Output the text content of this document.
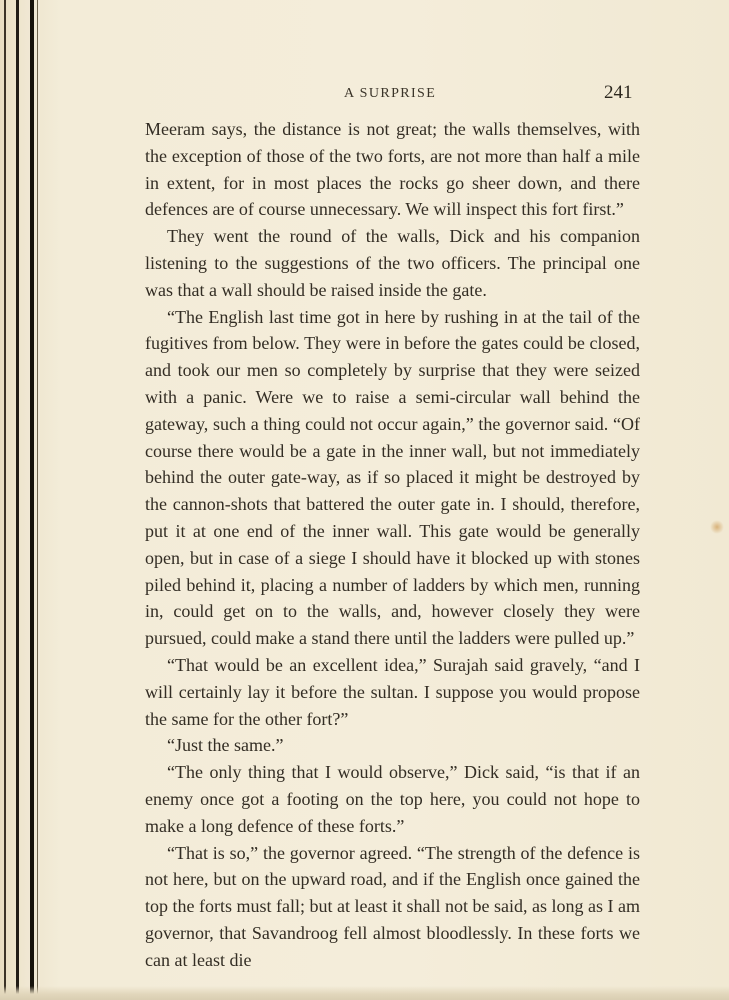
A SURPRISE	241

Meeram says, the distance is not great; the walls themselves, with the exception of those of the two forts, are not more than half a mile in extent, for in most places the rocks go sheer down, and there defences are of course unnecessary. We will inspect this fort first.”

They went the round of the walls, Dick and his companion listening to the suggestions of the two officers. The principal one was that a wall should be raised inside the gate.

“The English last time got in here by rushing in at the tail of the fugitives from below. They were in before the gates could be closed, and took our men so completely by surprise that they were seized with a panic. Were we to raise a semi-circular wall behind the gateway, such a thing could not occur again,” the governor said. “Of course there would be a gate in the inner wall, but not immediately behind the outer gate-way, as if so placed it might be destroyed by the cannon-shots that battered the outer gate in. I should, therefore, put it at one end of the inner wall. This gate would be generally open, but in case of a siege I should have it blocked up with stones piled behind it, placing a number of ladders by which men, running in, could get on to the walls, and, however closely they were pursued, could make a stand there until the ladders were pulled up.”

“That would be an excellent idea,” Surajah said gravely, “and I will certainly lay it before the sultan. I suppose you would propose the same for the other fort?”

“Just the same.”

“The only thing that I would observe,” Dick said, “is that if an enemy once got a footing on the top here, you could not hope to make a long defence of these forts.”

“That is so,” the governor agreed. “The strength of the defence is not here, but on the upward road, and if the English once gained the top the forts must fall; but at least it shall not be said, as long as I am governor, that Savandroog fell almost bloodlessly. In these forts we can at least die
